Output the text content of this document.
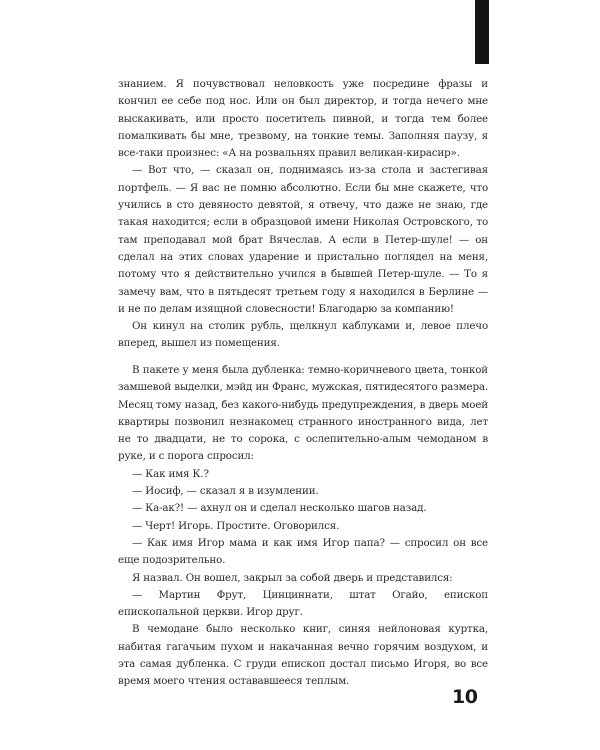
знанием. Я почувствовал неловкость уже посредине фразы и кончил ее себе под нос. Или он был директор, и тогда нечего мне выскакивать, или просто посетитель пивной, и тогда тем более помалкивать бы мне, трезвому, на тонкие темы. Заполняя паузу, я все-таки произнес: «А на розвальнях правил великан-кирасир».

— Вот что, — сказал он, поднимаясь из-за стола и застегивая портфель. — Я вас не помню абсолютно. Если бы мне скажете, что учились в сто девяносто девятой, я отвечу, что даже не знаю, где такая находится; если в образцовой имени Николая Островского, то там преподавал мой брат Вячеслав. А если в Петер-шуле! — он сделал на этих словах ударение и пристально поглядел на меня, потому что я действительно учился в бывшей Петер-шуле. — То я замечу вам, что в пятьдесят третьем году я находился в Берлине — и не по делам изящной словесности! Благодарю за компанию!

Он кинул на столик рубль, щелкнул каблуками и, левое плечо вперед, вышел из помещения.

В пакете у меня была дубленка: темно-коричневого цвета, тонкой замшевой выделки, мэйд ин Франс, мужская, пятидесятого размера. Месяц тому назад, без какого-нибудь предупреждения, в дверь моей квартиры позвонил незнакомец странного иностранного вида, лет не то двадцати, не то сорока, с ослепительно-алым чемоданом в руке, и с порога спросил:

— Как имя К.?

— Иосиф, — сказал я в изумлении.

— Ка-ак?! — ахнул он и сделал несколько шагов назад.

— Черт! Игорь. Простите. Оговорился.

— Как имя Игор мама и как имя Игор папа? — спросил он все еще подозрительно.

Я назвал. Он вошел, закрыл за собой дверь и представился:

— Мартин Фрут, Цинциннати, штат Огайо, епископ епископальной церкви. Игор друг.

В чемодане было несколько книг, синяя нейлоновая куртка, набитая гагачьим пухом и накачанная вечно горячим воздухом, и эта самая дубленка. С груди епископ достал письмо Игоря, во все время моего чтения остававшееся теплым.

10
